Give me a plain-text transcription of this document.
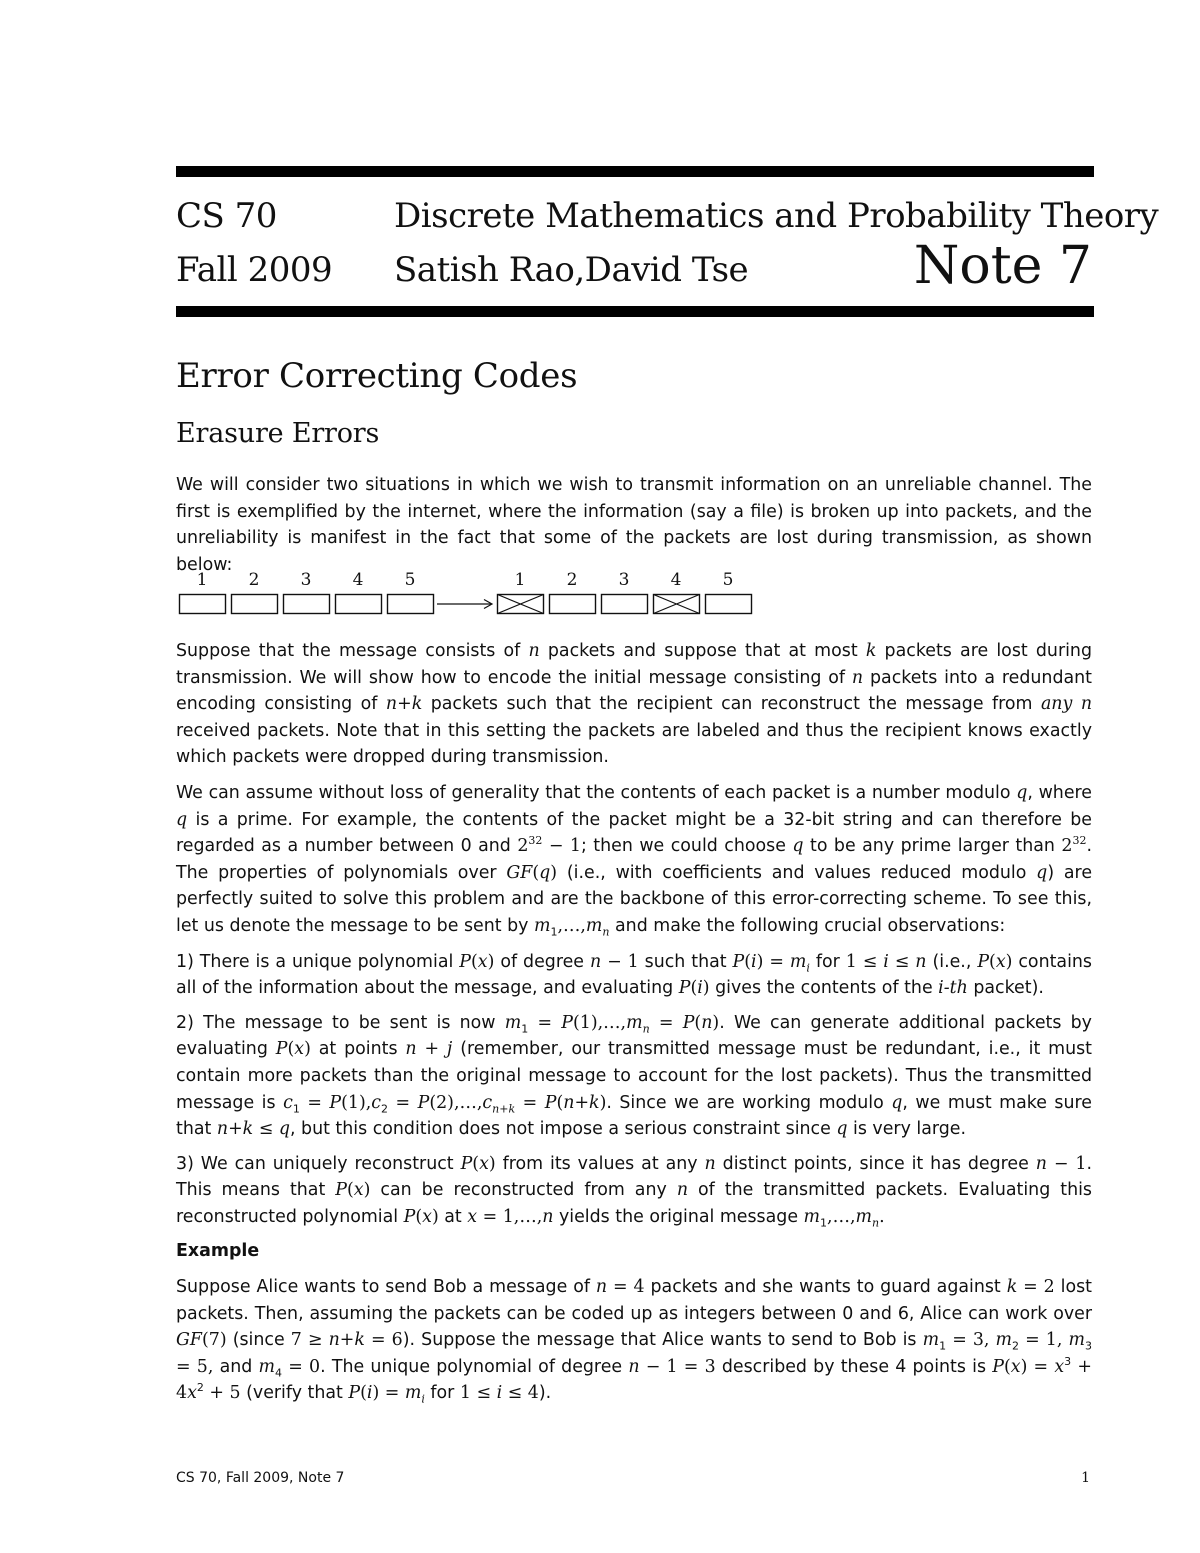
CS 70	Discrete Mathematics and Probability Theory
Fall 2009 Satish Rao,David Tse	Note 7
Error Correcting Codes
Erasure Errors

We will consider two situations in which we wish to transmit information on an unreliable channel. The first is exemplified by the internet, where the information (say a file) is broken up into packets, and the unreliability is manifest in the fact that some of the packets are lost during transmission, as shown below:

1 2 3 4 5	1 2 3 4 5

Suppose that the message consists of n packets and suppose that at most k packets are lost during transmission. We will show how to encode the initial message consisting of n packets into a redundant encoding consisting of n+k packets such that the recipient can reconstruct the message from any n received packets. Note that in this setting the packets are labeled and thus the recipient knows exactly which packets were dropped during transmission.

We can assume without loss of generality that the contents of each packet is a number modulo q, where q is a prime. For example, the contents of the packet might be a 32-bit string and can therefore be regarded as a number between 0 and $2^{32} - 1$; then we could choose q to be any prime larger than $2^{32}$. The properties of polynomials over GF(q) (i.e., with coefficients and values reduced modulo q) are perfectly suited to solve this problem and are the backbone of this error-correcting scheme. To see this, let us denote the message to be sent by $m_1,\dots,m_n$ and make the following crucial observations:

1) There is a unique polynomial P(x) of degree n − 1 such that $P(i) = m_i$ for 1 ≤ i ≤ n (i.e., P(x) contains all of the information about the message, and evaluating P(i) gives the contents of the i-th packet).

2) The message to be sent is now $m_1$ = $P(1),\dots,m_n = P(n)$. We can generate additional packets by evaluating P(x) at points n + j (remember, our transmitted message must be redundant, i.e., it must contain more packets than the original message to account for the lost packets). Thus the transmitted message is $c_1 = P(1),c_2$ = $P(2),\dots,c_{n+k} = P(n+k)$. Since we are working modulo q, we must make sure that n+k ≤ q, but this condition does not impose a serious constraint since q is very large.

3) We can uniquely reconstruct P(x) from its values at any n distinct points, since it has degree n − 1. This means that P(x) can be reconstructed from any n of the transmitted packets. Evaluating this reconstructed polynomial P(x) at x = 1,…,n yields the original message $m_1,\dots,m_n$.

Example

Suppose Alice wants to send Bob a message of n = 4 packets and she wants to guard against k = 2 lost packets. Then, assuming the packets can be coded up as integers between 0 and 6, Alice can work over GF(7) (since 7 ≥ n+k = 6). Suppose the message that Alice wants to send to Bob is $m_1 = 3$, $m_2 = 1$, $m_3 = 5$, and $m_4 = 0$. The unique polynomial of degree n − 1 = 3 described by these 4 points is $P(x) = x^3 + 4x^2 + 5$ (verify that $P(i) = m_i$ for 1 ≤ i ≤ 4).

CS 70, Fall 2009, Note 7	1
